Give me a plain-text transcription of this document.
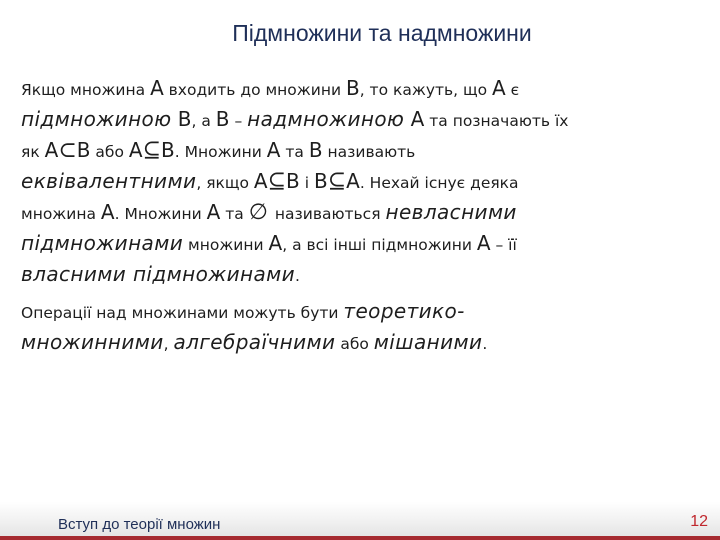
Підмножини та надмножини
Якщо множина A входить до множини B, то кажуть, що A є
підмножиною B, а B – надмножиною A та позначають їх
як A⊂B або A⊆B. Множини A та B називають
еквівалентними, якщо A⊆B і B⊆A. Нехай існує деяка
множина A. Множини A та ∅ називаються невласними
підмножинами множини A, а всі інші підмножини A – її
власними підмножинами.
Операції над множинами можуть бути теоретико-
множинними, алгебраїчними або мішаними.
Вступ до теорії множин	12
